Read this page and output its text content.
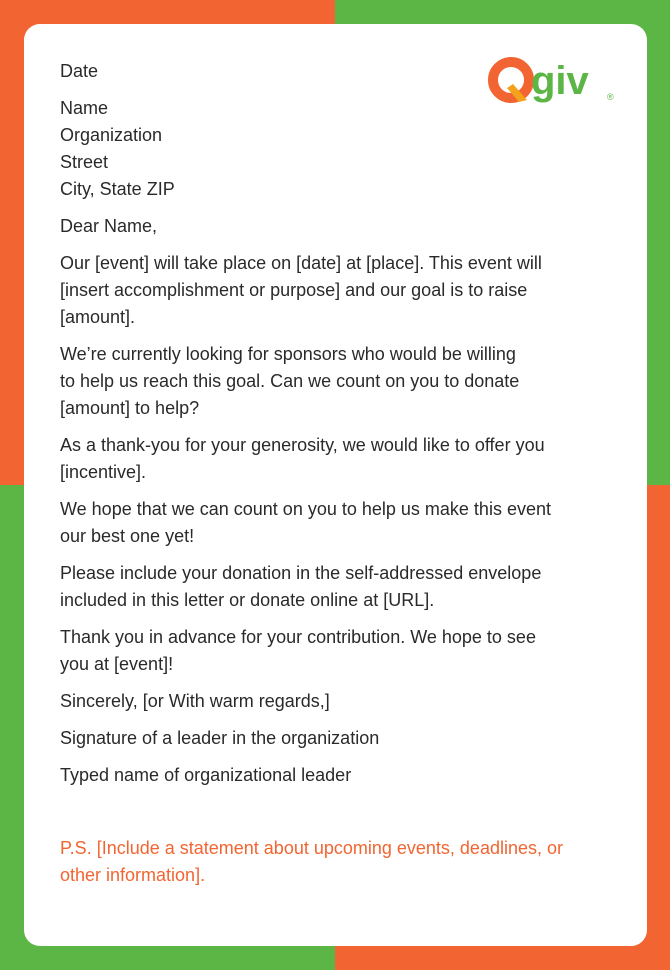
giv ®

Date

Name
Organization
Street
City, State ZIP

Dear Name,

Our [event] will take place on [date] at [place]. This event will
[insert accomplishment or purpose] and our goal is to raise
[amount].

We’re currently looking for sponsors who would be willing
to help us reach this goal. Can we count on you to donate
[amount] to help?

As a thank-you for your generosity, we would like to offer you
[incentive].

We hope that we can count on you to help us make this event
our best one yet!

Please include your donation in the self-addressed envelope
included in this letter or donate online at [URL].

Thank you in advance for your contribution. We hope to see
you at [event]!

Sincerely, [or With warm regards,]

Signature of a leader in the organization

Typed name of organizational leader

P.S. [Include a statement about upcoming events, deadlines, or
other information].
